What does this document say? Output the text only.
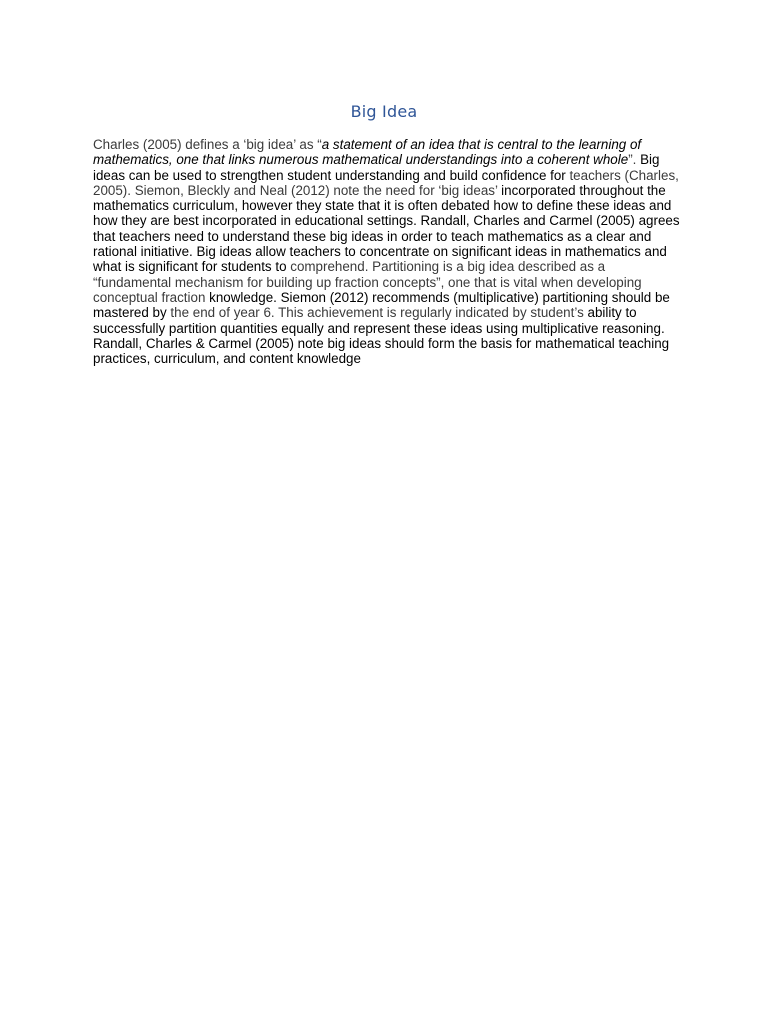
Big Idea
Charles (2005) defines a ‘big idea’ as “a statement of an idea that is central to the learning of mathematics, one that links numerous mathematical understandings into a coherent whole”. Big ideas can be used to strengthen student understanding and build confidence for teachers (Charles, 2005). Siemon, Bleckly and Neal (2012) note the need for ‘big ideas’ incorporated throughout the mathematics curriculum, however they state that it is often debated how to define these ideas and how they are best incorporated in educational settings. Randall, Charles and Carmel (2005) agrees that teachers need to understand these big ideas in order to teach mathematics as a clear and rational initiative. Big ideas allow teachers to concentrate on significant ideas in mathematics and what is significant for students to comprehend. Partitioning is a big idea described as a “fundamental mechanism for building up fraction concepts”, one that is vital when developing conceptual fraction knowledge. Siemon (2012) recommends (multiplicative) partitioning should be mastered by the end of year 6. This achievement is regularly indicated by student’s ability to successfully partition quantities equally and represent these ideas using multiplicative reasoning. Randall, Charles & Carmel (2005) note big ideas should form the basis for mathematical teaching practices, curriculum, and content knowledge
